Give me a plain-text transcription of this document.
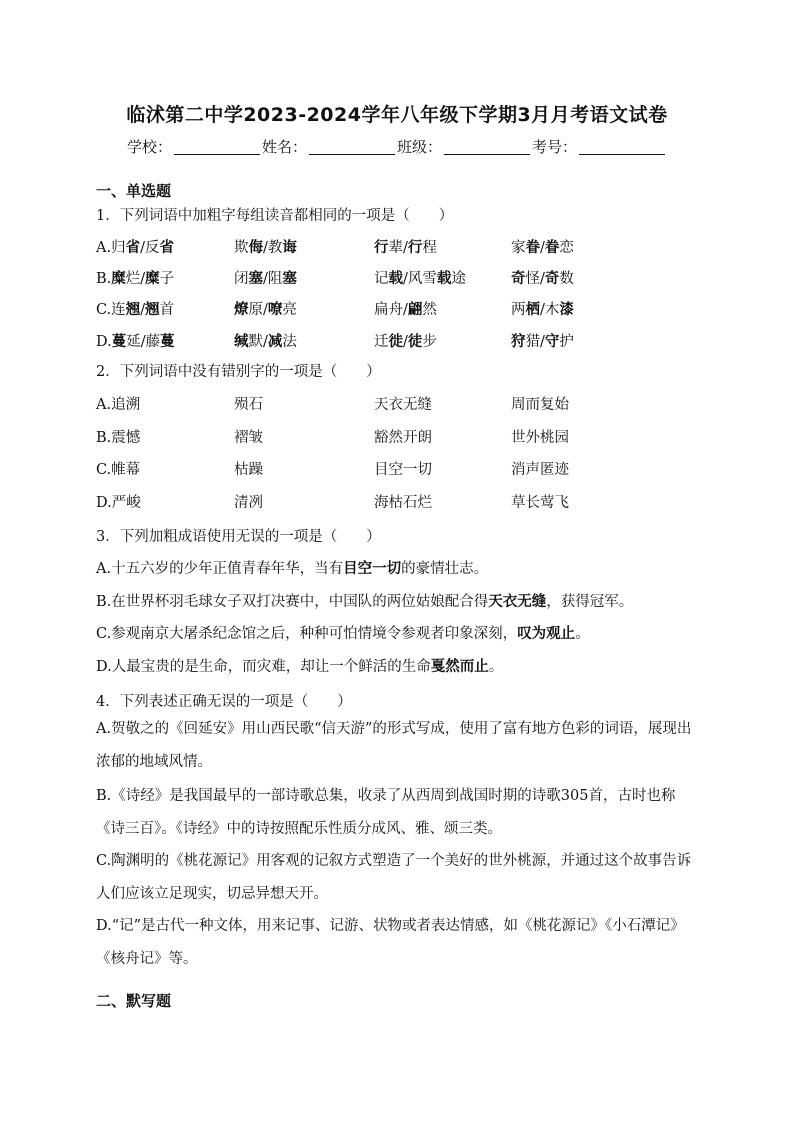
临沭第二中学2023-2024学年八年级下学期3月月考语文试卷
学校：	姓名：	班级：	考号：
一、单选题
1．下列词语中加粗字每组读音都相同的一项是（　　）
A.归省/反省	欺侮/教诲	行辈/行程	家眷/眷恋
B.糜烂/糜子	闭塞/阻塞	记载/风雪载途	奇怪/奇数
C.连翘/翘首	燎原/嘹亮	扁舟/翩然	两栖/木漆
D.蔓延/藤蔓	缄默/减法	迁徙/徒步	狩猎/守护
2．下列词语中没有错别字的一项是（　　）
A.追溯	殒石	天衣无缝	周而复始
B.震憾	褶皱	豁然开朗	世外桃园
C.帷幕	枯躁	目空一切	消声匿迹
D.严峻	清冽	海枯石烂	草长莺飞
3．下列加粗成语使用无误的一项是（　　）
A.十五六岁的少年正值青春年华，当有目空一切的豪情壮志。
B.在世界杯羽毛球女子双打决赛中，中国队的两位姑娘配合得天衣无缝，获得冠军。
C.参观南京大屠杀纪念馆之后，种种可怕情境令参观者印象深刻，叹为观止。
D.人最宝贵的是生命，而灾难，却让一个鲜活的生命戛然而止。
4．下列表述正确无误的一项是（　　）
A.贺敬之的《回延安》用山西民歌“信天游”的形式写成，使用了富有地方色彩的词语，展现出浓郁的地域风情。
B.《诗经》是我国最早的一部诗歌总集，收录了从西周到战国时期的诗歌305首，古时也称《诗三百》。《诗经》中的诗按照配乐性质分成风、雅、颂三类。
C.陶渊明的《桃花源记》用客观的记叙方式塑造了一个美好的世外桃源，并通过这个故事告诉人们应该立足现实，切忌异想天开。
D.“记”是古代一种文体，用来记事、记游、状物或者表达情感，如《桃花源记》《小石潭记》《核舟记》等。
二、默写题
